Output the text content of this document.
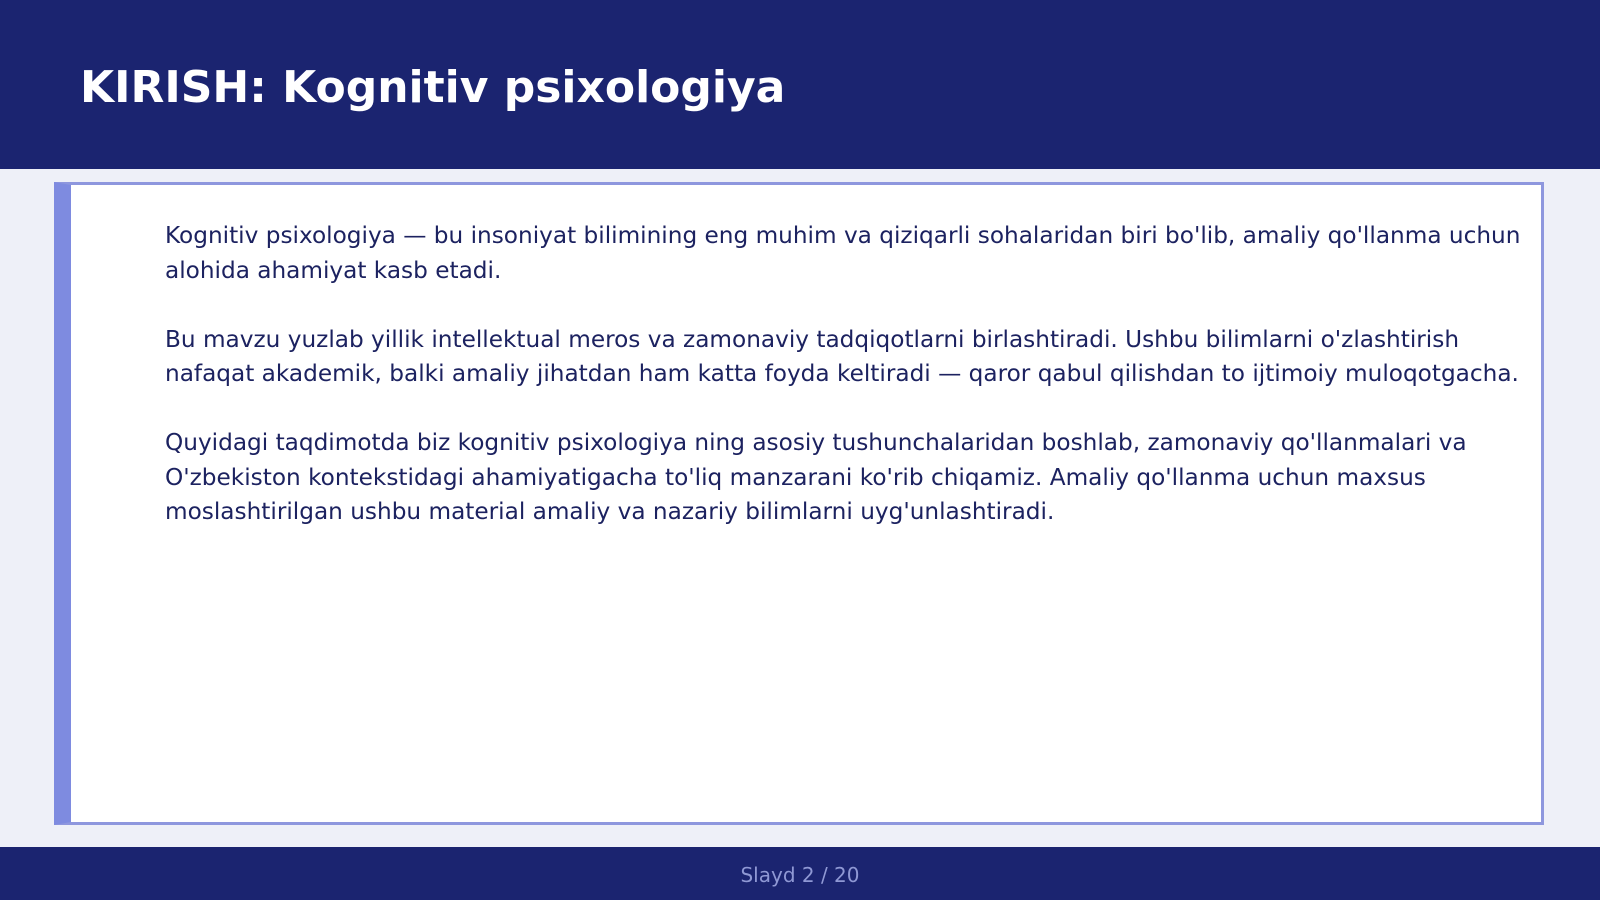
KIRISH: Kognitiv psixologiya

Kognitiv psixologiya — bu insoniyat bilimining eng muhim va qiziqarli sohalaridan biri bo'lib, amaliy qo'llanma uchun alohida ahamiyat kasb etadi.

Bu mavzu yuzlab yillik intellektual meros va zamonaviy tadqiqotlarni birlashtiradi. Ushbu bilimlarni o'zlashtirish nafaqat akademik, balki amaliy jihatdan ham katta foyda keltiradi — qaror qabul qilishdan to ijtimoiy muloqotgacha.

Quyidagi taqdimotda biz kognitiv psixologiya ning asosiy tushunchalaridan boshlab, zamonaviy qo'llanmalari va O'zbekiston kontekstidagi ahamiyatigacha to'liq manzarani ko'rib chiqamiz. Amaliy qo'llanma uchun maxsus moslashtirilgan ushbu material amaliy va nazariy bilimlarni uyg'unlashtiradi.

Slayd 2 / 20
